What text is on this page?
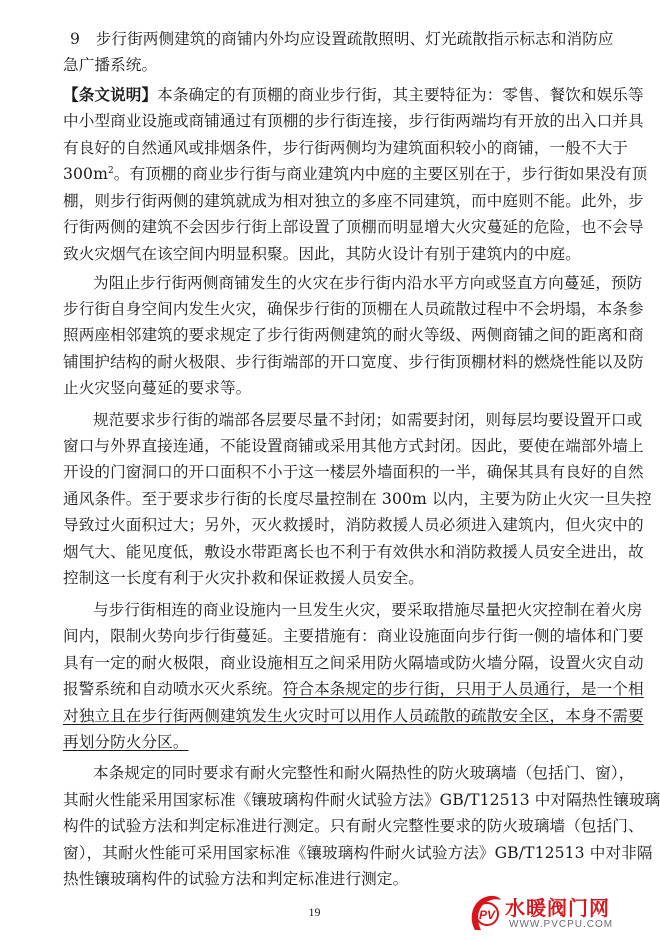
9　步行街两侧建筑的商铺内外均应设置疏散照明、灯光疏散指示标志和消防应
急广播系统。
【条文说明】本条确定的有顶棚的商业步行街，其主要特征为：零售、餐饮和娱乐等
中小型商业设施或商铺通过有顶棚的步行街连接，步行街两端均有开放的出入口并具
有良好的自然通风或排烟条件，步行街两侧均为建筑面积较小的商铺，一般不大于
$300m^2$。有顶棚的商业步行街与商业建筑内中庭的主要区别在于，步行街如果没有顶
棚，则步行街两侧的建筑就成为相对独立的多座不同建筑，而中庭则不能。此外，步
行街两侧的建筑不会因步行街上部设置了顶棚而明显增大火灾蔓延的危险，也不会导
致火灾烟气在该空间内明显积聚。因此，其防火设计有别于建筑内的中庭。
为阻止步行街两侧商铺发生的火灾在步行街内沿水平方向或竖直方向蔓延，预防
步行街自身空间内发生火灾，确保步行街的顶棚在人员疏散过程中不会坍塌，本条参
照两座相邻建筑的要求规定了步行街两侧建筑的耐火等级、两侧商铺之间的距离和商
铺围护结构的耐火极限、步行街端部的开口宽度、步行街顶棚材料的燃烧性能以及防
止火灾竖向蔓延的要求等。
规范要求步行街的端部各层要尽量不封闭；如需要封闭，则每层均要设置开口或
窗口与外界直接连通，不能设置商铺或采用其他方式封闭。因此，要使在端部外墙上
开设的门窗洞口的开口面积不小于这一楼层外墙面积的一半，确保其具有良好的自然
通风条件。至于要求步行街的长度尽量控制在 300m 以内，主要为防止火灾一旦失控
导致过火面积过大；另外，灭火救援时，消防救援人员必须进入建筑内，但火灾中的
烟气大、能见度低，敷设水带距离长也不利于有效供水和消防救援人员安全进出，故
控制这一长度有利于火灾扑救和保证救援人员安全。
与步行街相连的商业设施内一旦发生火灾，要采取措施尽量把火灾控制在着火房
间内，限制火势向步行街蔓延。主要措施有：商业设施面向步行街一侧的墙体和门要
具有一定的耐火极限，商业设施相互之间采用防火隔墙或防火墙分隔，设置火灾自动
报警系统和自动喷水灭火系统。符合本条规定的步行街，只用于人员通行，是一个相
对独立且在步行街两侧建筑发生火灾时可以用作人员疏散的疏散安全区，本身不需要
再划分防火分区。
本条规定的同时要求有耐火完整性和耐火隔热性的防火玻璃墙（包括门、窗），
其耐火性能采用国家标准《镶玻璃构件耐火试验方法》GB/T12513 中对隔热性镶玻璃
构件的试验方法和判定标准进行测定。只有耐火完整性要求的防火玻璃墙（包括门、
窗），其耐火性能可采用国家标准《镶玻璃构件耐火试验方法》GB/T12513 中对非隔
热性镶玻璃构件的试验方法和判定标准进行测定。
19	PV 水暖阀门网
WWW.PVCPU.COM
